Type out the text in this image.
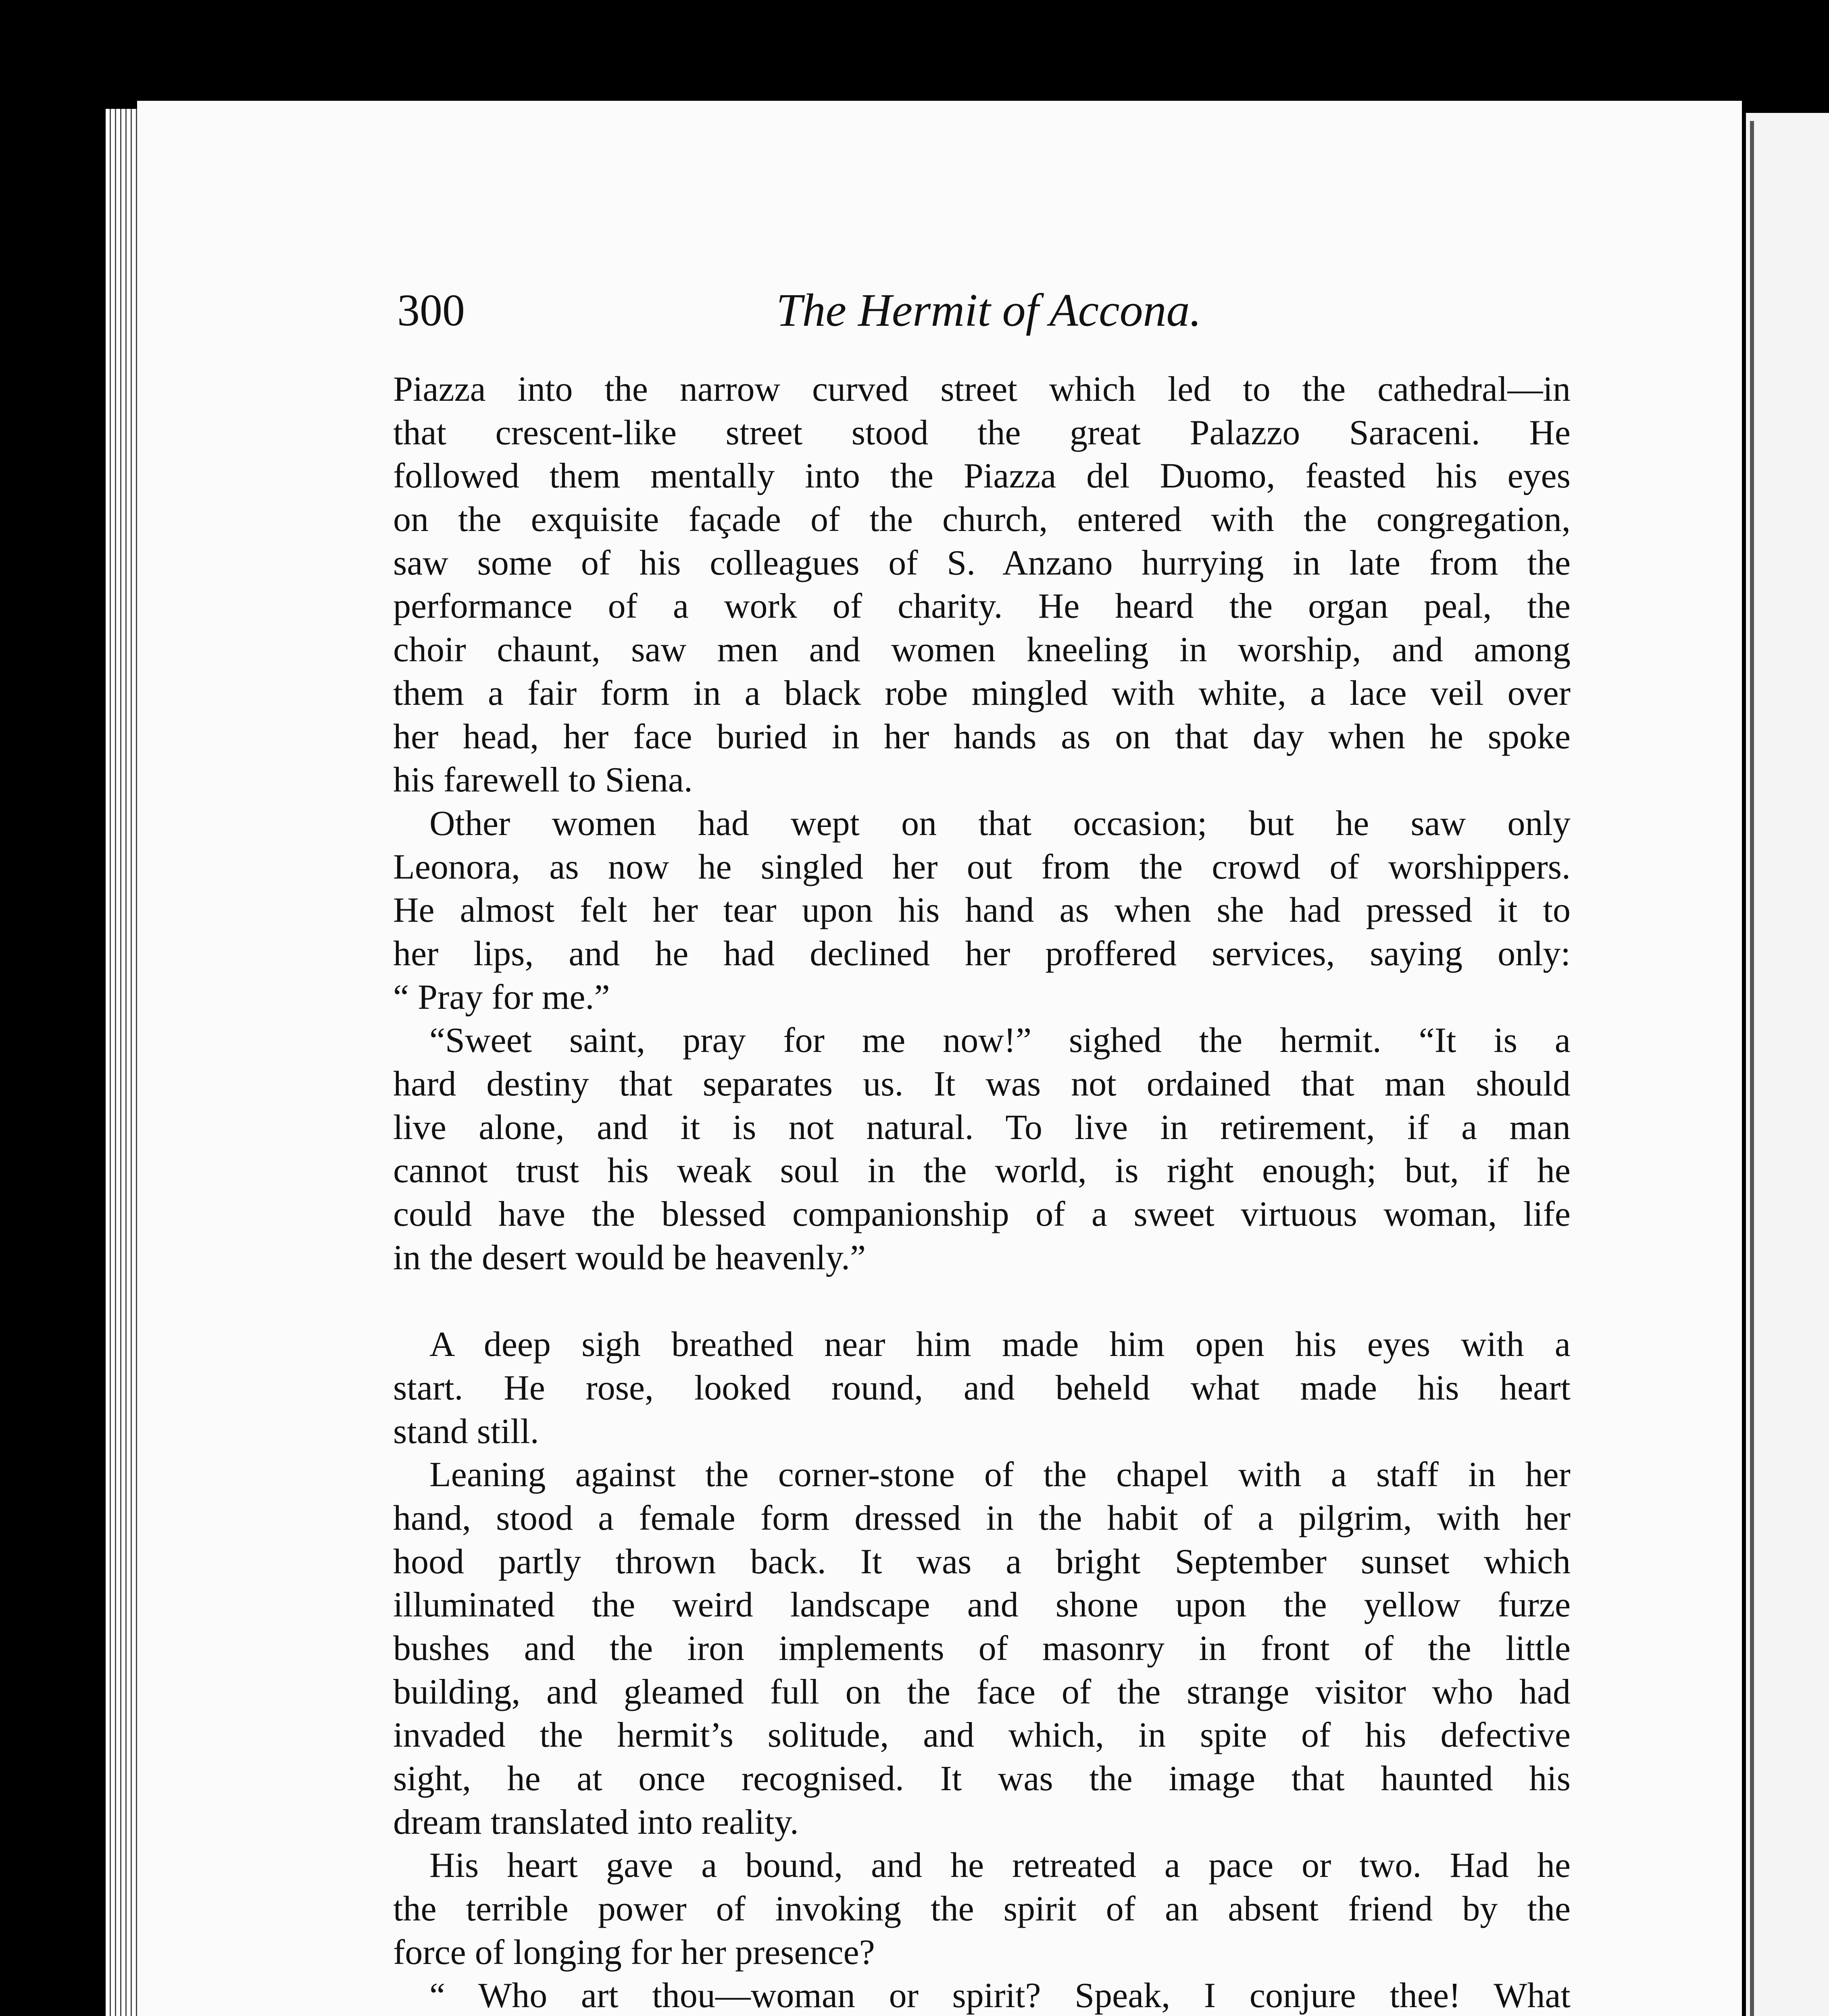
300	The Hermit of Accona.
Piazza into the narrow curved street which led to the cathedral—in
that crescent-like street stood the great Palazzo Saraceni. He
followed them mentally into the Piazza del Duomo, feasted his eyes
on the exquisite façade of the church, entered with the congregation,
saw some of his colleagues of S. Anzano hurrying in late from the
performance of a work of charity. He heard the organ peal, the
choir chaunt, saw men and women kneeling in worship, and among
them a fair form in a black robe mingled with white, a lace veil over
her head, her face buried in her hands as on that day when he spoke
his farewell to Siena.
Other women had wept on that occasion; but he saw only
Leonora, as now he singled her out from the crowd of worshippers.
He almost felt her tear upon his hand as when she had pressed it to
her lips, and he had declined her proffered services, saying only:
“ Pray for me.”
“Sweet saint, pray for me now!” sighed the hermit. “It is a
hard destiny that separates us. It was not ordained that man should
live alone, and it is not natural. To live in retirement, if a man
cannot trust his weak soul in the world, is right enough; but, if he
could have the blessed companionship of a sweet virtuous woman, life
in the desert would be heavenly.”
A deep sigh breathed near him made him open his eyes with a
start. He rose, looked round, and beheld what made his heart
stand still.
Leaning against the corner-stone of the chapel with a staff in her
hand, stood a female form dressed in the habit of a pilgrim, with her
hood partly thrown back. It was a bright September sunset which
illuminated the weird landscape and shone upon the yellow furze
bushes and the iron implements of masonry in front of the little
building, and gleamed full on the face of the strange visitor who had
invaded the hermit’s solitude, and which, in spite of his defective
sight, he at once recognised. It was the image that haunted his
dream translated into reality.
His heart gave a bound, and he retreated a pace or two. Had he
the terrible power of invoking the spirit of an absent friend by the
force of longing for her presence?
“ Who art thou—woman or spirit? Speak, I conjure thee! What
